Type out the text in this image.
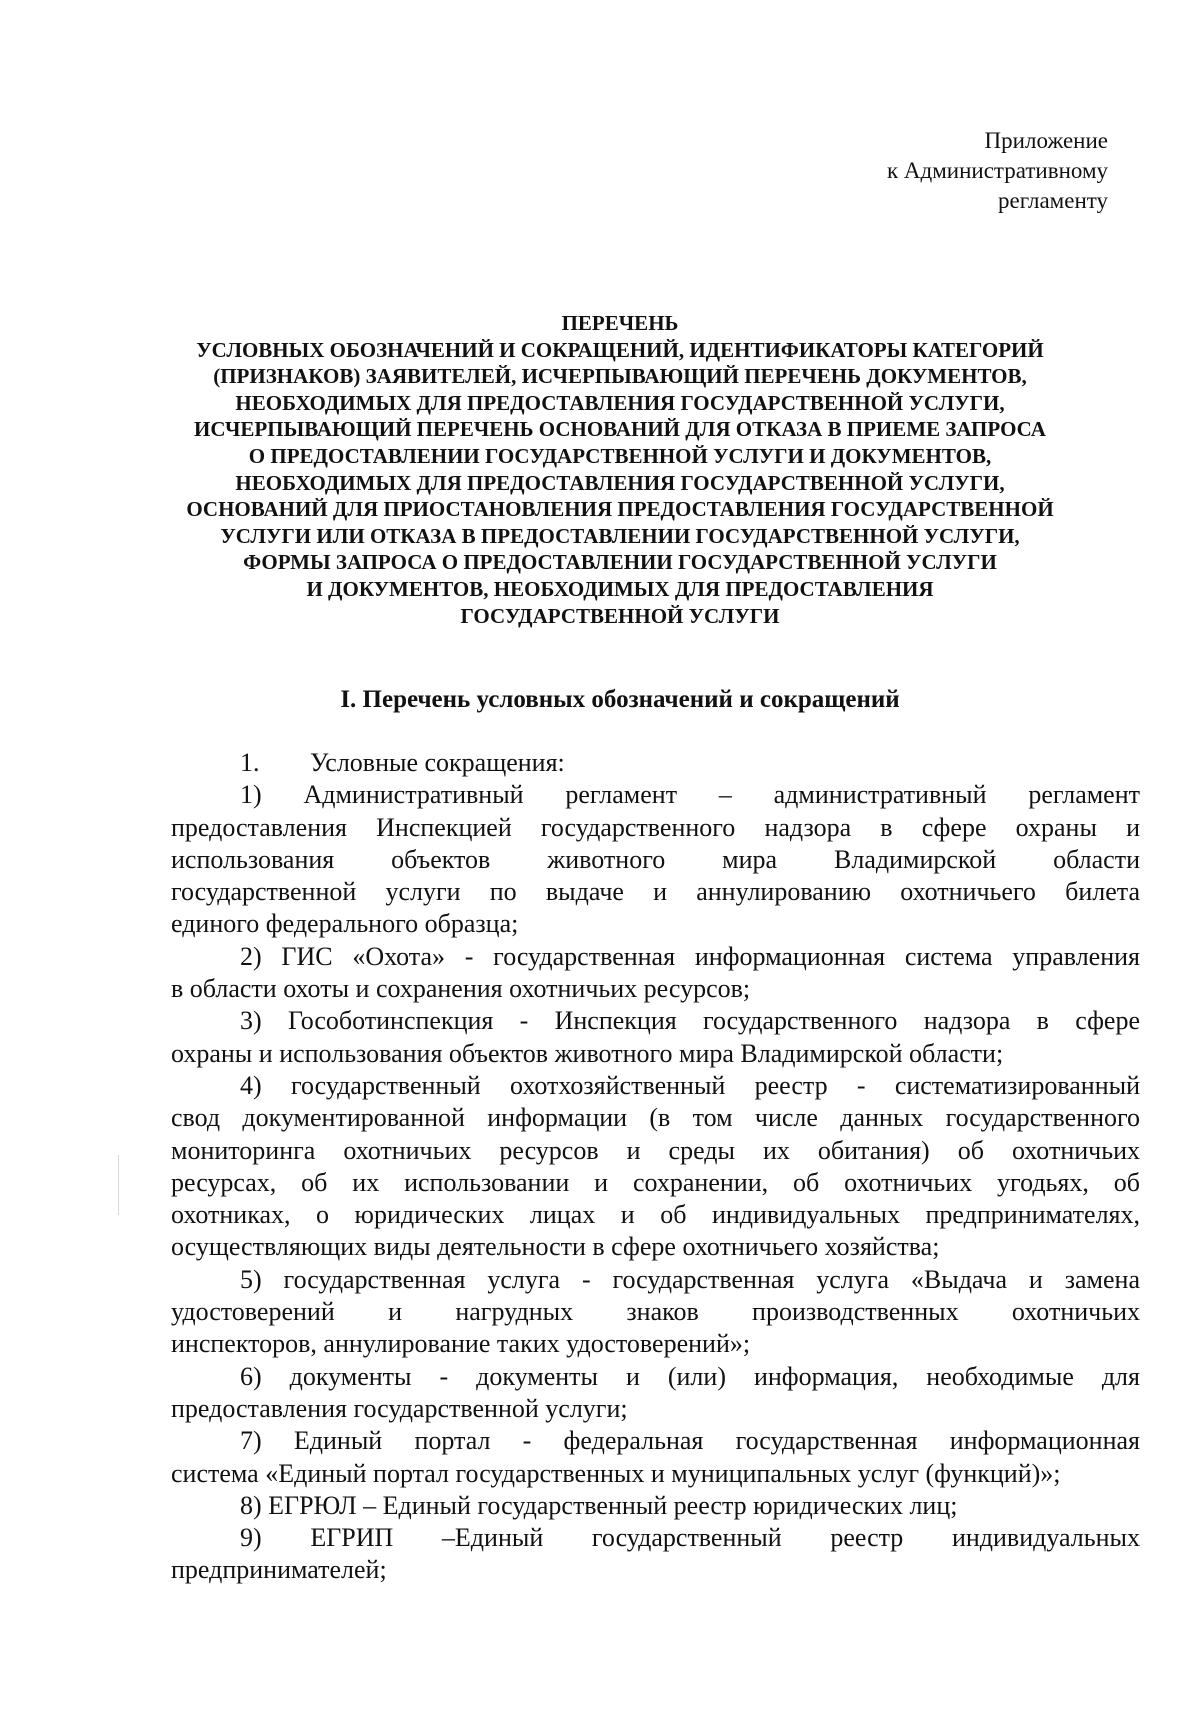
Приложение
к Административному
регламенту
ПЕРЕЧЕНЬ
УСЛОВНЫХ ОБОЗНАЧЕНИЙ И СОКРАЩЕНИЙ, ИДЕНТИФИКАТОРЫ КАТЕГОРИЙ
(ПРИЗНАКОВ) ЗАЯВИТЕЛЕЙ, ИСЧЕРПЫВАЮЩИЙ ПЕРЕЧЕНЬ ДОКУМЕНТОВ,
НЕОБХОДИМЫХ ДЛЯ ПРЕДОСТАВЛЕНИЯ ГОСУДАРСТВЕННОЙ УСЛУГИ,
ИСЧЕРПЫВАЮЩИЙ ПЕРЕЧЕНЬ ОСНОВАНИЙ ДЛЯ ОТКАЗА В ПРИЕМЕ ЗАПРОСА
О ПРЕДОСТАВЛЕНИИ ГОСУДАРСТВЕННОЙ УСЛУГИ И ДОКУМЕНТОВ,
НЕОБХОДИМЫХ ДЛЯ ПРЕДОСТАВЛЕНИЯ ГОСУДАРСТВЕННОЙ УСЛУГИ,
ОСНОВАНИЙ ДЛЯ ПРИОСТАНОВЛЕНИЯ ПРЕДОСТАВЛЕНИЯ ГОСУДАРСТВЕННОЙ
УСЛУГИ ИЛИ ОТКАЗА В ПРЕДОСТАВЛЕНИИ ГОСУДАРСТВЕННОЙ УСЛУГИ,
ФОРМЫ ЗАПРОСА О ПРЕДОСТАВЛЕНИИ ГОСУДАРСТВЕННОЙ УСЛУГИ
И ДОКУМЕНТОВ, НЕОБХОДИМЫХ ДЛЯ ПРЕДОСТАВЛЕНИЯ
ГОСУДАРСТВЕННОЙ УСЛУГИ
I. Перечень условных обозначений и сокращений
1. Условные сокращения:
1) Административный регламент – административный регламент
предоставления Инспекцией государственного надзора в сфере охраны и
использования объектов животного мира Владимирской области
государственной услуги по выдаче и аннулированию охотничьего билета
единого федерального образца;
2) ГИС «Охота» - государственная информационная система управления
в области охоты и сохранения охотничьих ресурсов;
3) Гособотинспекция - Инспекция государственного надзора в сфере
охраны и использования объектов животного мира Владимирской области;
4) государственный охотхозяйственный реестр - систематизированный
свод документированной информации (в том числе данных государственного
мониторинга охотничьих ресурсов и среды их обитания) об охотничьих
ресурсах, об их использовании и сохранении, об охотничьих угодьях, об
охотниках, о юридических лицах и об индивидуальных предпринимателях,
осуществляющих виды деятельности в сфере охотничьего хозяйства;
5) государственная услуга - государственная услуга «Выдача и замена
удостоверений и нагрудных знаков производственных охотничьих
инспекторов, аннулирование таких удостоверений»;
6) документы - документы и (или) информация, необходимые для
предоставления государственной услуги;
7) Единый портал - федеральная государственная информационная
система «Единый портал государственных и муниципальных услуг (функций)»;
8) ЕГРЮЛ – Единый государственный реестр юридических лиц;
9) ЕГРИП –Единый государственный реестр индивидуальных
предпринимателей;
